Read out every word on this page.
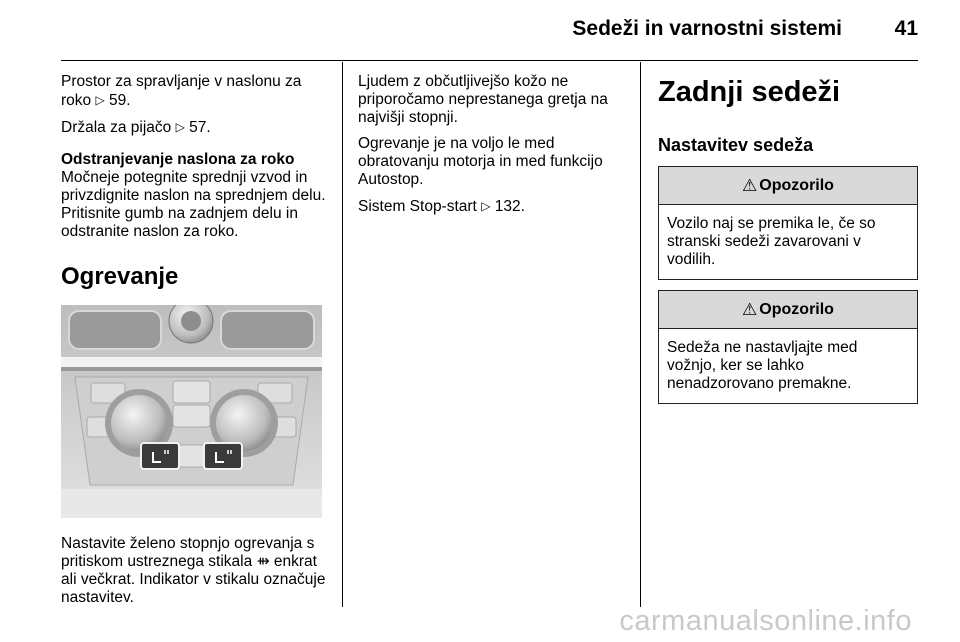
Sedeži in varnostni sistemi	41

Prostor za spravljanje v naslonu za roko ▷ 59.

Držala za pijačo ▷ 57.

Odstranjevanje naslona za roko

Močneje potegnite sprednji vzvod in privzdignite naslon na sprednjem delu. Pritisnite gumb na zadnjem delu in odstranite naslon za roko.

Ogrevanje

Nastavite želeno stopnjo ogrevanja s pritiskom ustreznega stikala ⇻ enkrat ali večkrat. Indikator v stikalu označuje nastavitev.

Ljudem z občutljivejšo kožo ne priporočamo neprestanega gretja na najvišji stopnji.

Ogrevanje je na voljo le med obratovanju motorja in med funkcijo Autostop.

Sistem Stop-start ▷ 132.

Zadnji sedeži
Nastavitev sedeža
⚠ Opozorilo
Vozilo naj se premika le, če so stranski sedeži zavarovani v vodilih.
⚠ Opozorilo
Sedeža ne nastavljajte med vožnjo, ker se lahko nenadzorovano premakne.
carmanualsonline.info
